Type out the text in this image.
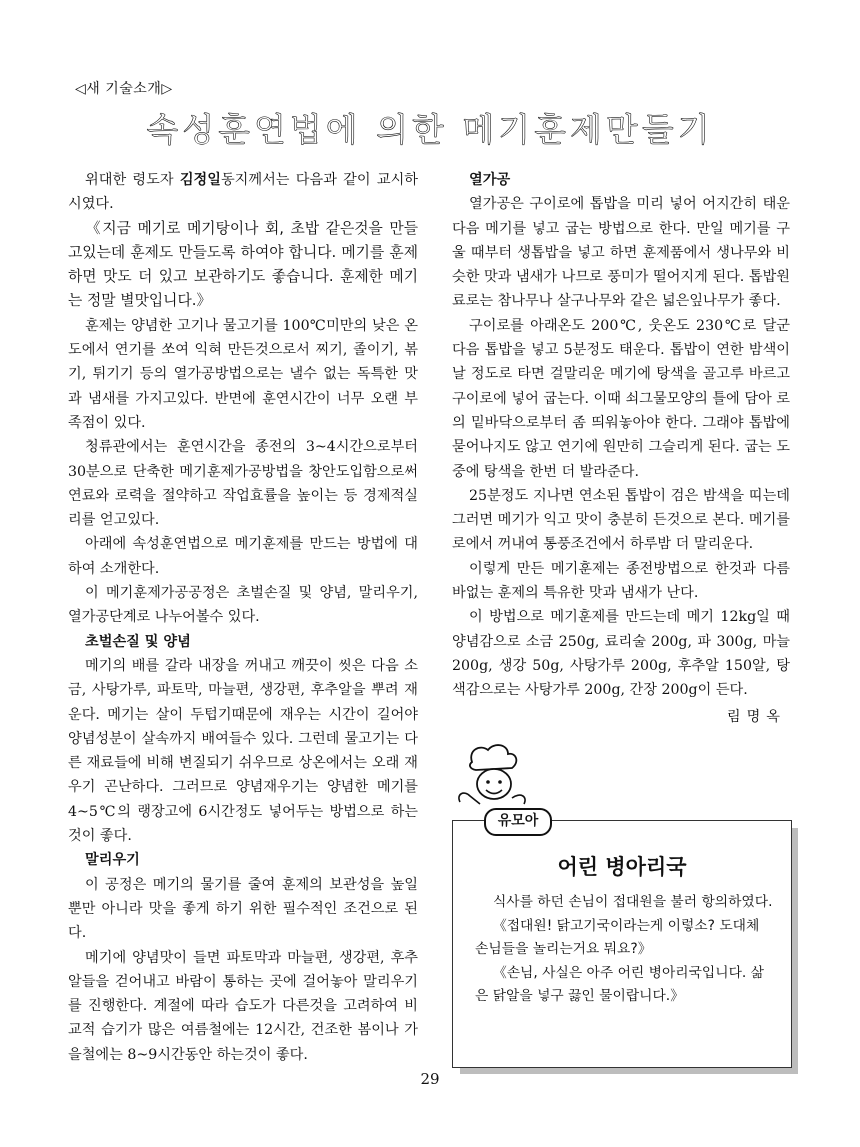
◁새 기술소개▷
속성훈연법에 의한 메기훈제만들기

위대한 령도자 김정일동지께서는 다음과 같이 교시하시였다.

《지금 메기로 메기탕이나 회, 초밥 같은것을 만들고있는데 훈제도 만들도록 하여야 합니다. 메기를 훈제하면 맛도 더 있고 보관하기도 좋습니다. 훈제한 메기는 정말 별맛입니다.》

훈제는 양념한 고기나 물고기를 100℃미만의 낮은 온도에서 연기를 쏘여 익혀 만든것으로서 찌기, 졸이기, 볶기, 튀기기 등의 열가공방법으로는 낼수 없는 독특한 맛과 냄새를 가지고있다. 반면에 훈연시간이 너무 오랜 부족점이 있다.

청류관에서는 훈연시간을 종전의 3~4시간으로부터 30분으로 단축한 메기훈제가공방법을 창안도입함으로써 연료와 로력을 절약하고 작업효률을 높이는 등 경제적실리를 얻고있다.

아래에 속성훈연법으로 메기훈제를 만드는 방법에 대하여 소개한다.

이 메기훈제가공공정은 초벌손질 및 양념, 말리우기, 열가공단계로 나누어볼수 있다.

초벌손질 및 양념

메기의 배를 갈라 내장을 꺼내고 깨끗이 씻은 다음 소금, 사탕가루, 파토막, 마늘편, 생강편, 후추알을 뿌려 재운다. 메기는 살이 두텁기때문에 재우는 시간이 길어야 양념성분이 살속까지 배여들수 있다. 그런데 물고기는 다른 재료들에 비해 변질되기 쉬우므로 상온에서는 오래 재우기 곤난하다. 그러므로 양념재우기는 양념한 메기를 4~5℃의 랭장고에 6시간정도 넣어두는 방법으로 하는것이 좋다.

말리우기

이 공정은 메기의 물기를 줄여 훈제의 보관성을 높일뿐만 아니라 맛을 좋게 하기 위한 필수적인 조건으로 된다.

메기에 양념맛이 들면 파토막과 마늘편, 생강편, 후추알들을 걷어내고 바람이 통하는 곳에 걸어놓아 말리우기를 진행한다. 계절에 따라 습도가 다른것을 고려하여 비교적 습기가 많은 여름철에는 12시간, 건조한 봄이나 가을철에는 8~9시간동안 하는것이 좋다.

열가공

열가공은 구이로에 톱밥을 미리 넣어 어지간히 태운 다음 메기를 넣고 굽는 방법으로 한다. 만일 메기를 구울 때부터 생톱밥을 넣고 하면 훈제품에서 생나무와 비슷한 맛과 냄새가 나므로 풍미가 떨어지게 된다. 톱밥원료로는 참나무나 살구나무와 같은 넓은잎나무가 좋다.

구이로를 아래온도 200℃, 웃온도 230℃로 달군 다음 톱밥을 넣고 5분정도 태운다. 톱밥이 연한 밤색이 날 정도로 타면 걸말리운 메기에 탕색을 골고루 바르고 구이로에 넣어 굽는다. 이때 쇠그물모양의 틀에 담아 로의 밑바닥으로부터 좀 띄워놓아야 한다. 그래야 톱밥에 묻어나지도 않고 연기에 원만히 그슬리게 된다. 굽는 도중에 탕색을 한번 더 발라준다.

25분정도 지나면 연소된 톱밥이 검은 밤색을 띠는데 그러면 메기가 익고 맛이 충분히 든것으로 본다. 메기를 로에서 꺼내여 통풍조건에서 하루밤 더 말리운다.

이렇게 만든 메기훈제는 종전방법으로 한것과 다름바없는 훈제의 특유한 맛과 냄새가 난다.

이 방법으로 메기훈제를 만드는데 메기 12kg일 때 양념감으로 소금 250g, 료리술 200g, 파 300g, 마늘 200g, 생강 50g, 사탕가루 200g, 후추알 150알, 탕색감으로는 사탕가루 200g, 간장 200g이 든다.

림명옥

어린 병아리국

식사를 하던 손님이 접대원을 불러 항의하였다.

《접대원! 닭고기국이라는게 이렇소? 도대체 손님들을 놀리는거요 뭐요?》

《손님, 사실은 아주 어린 병아리국입니다. 삶은 닭알을 넣구 끓인 물이랍니다.》

유모아
29
